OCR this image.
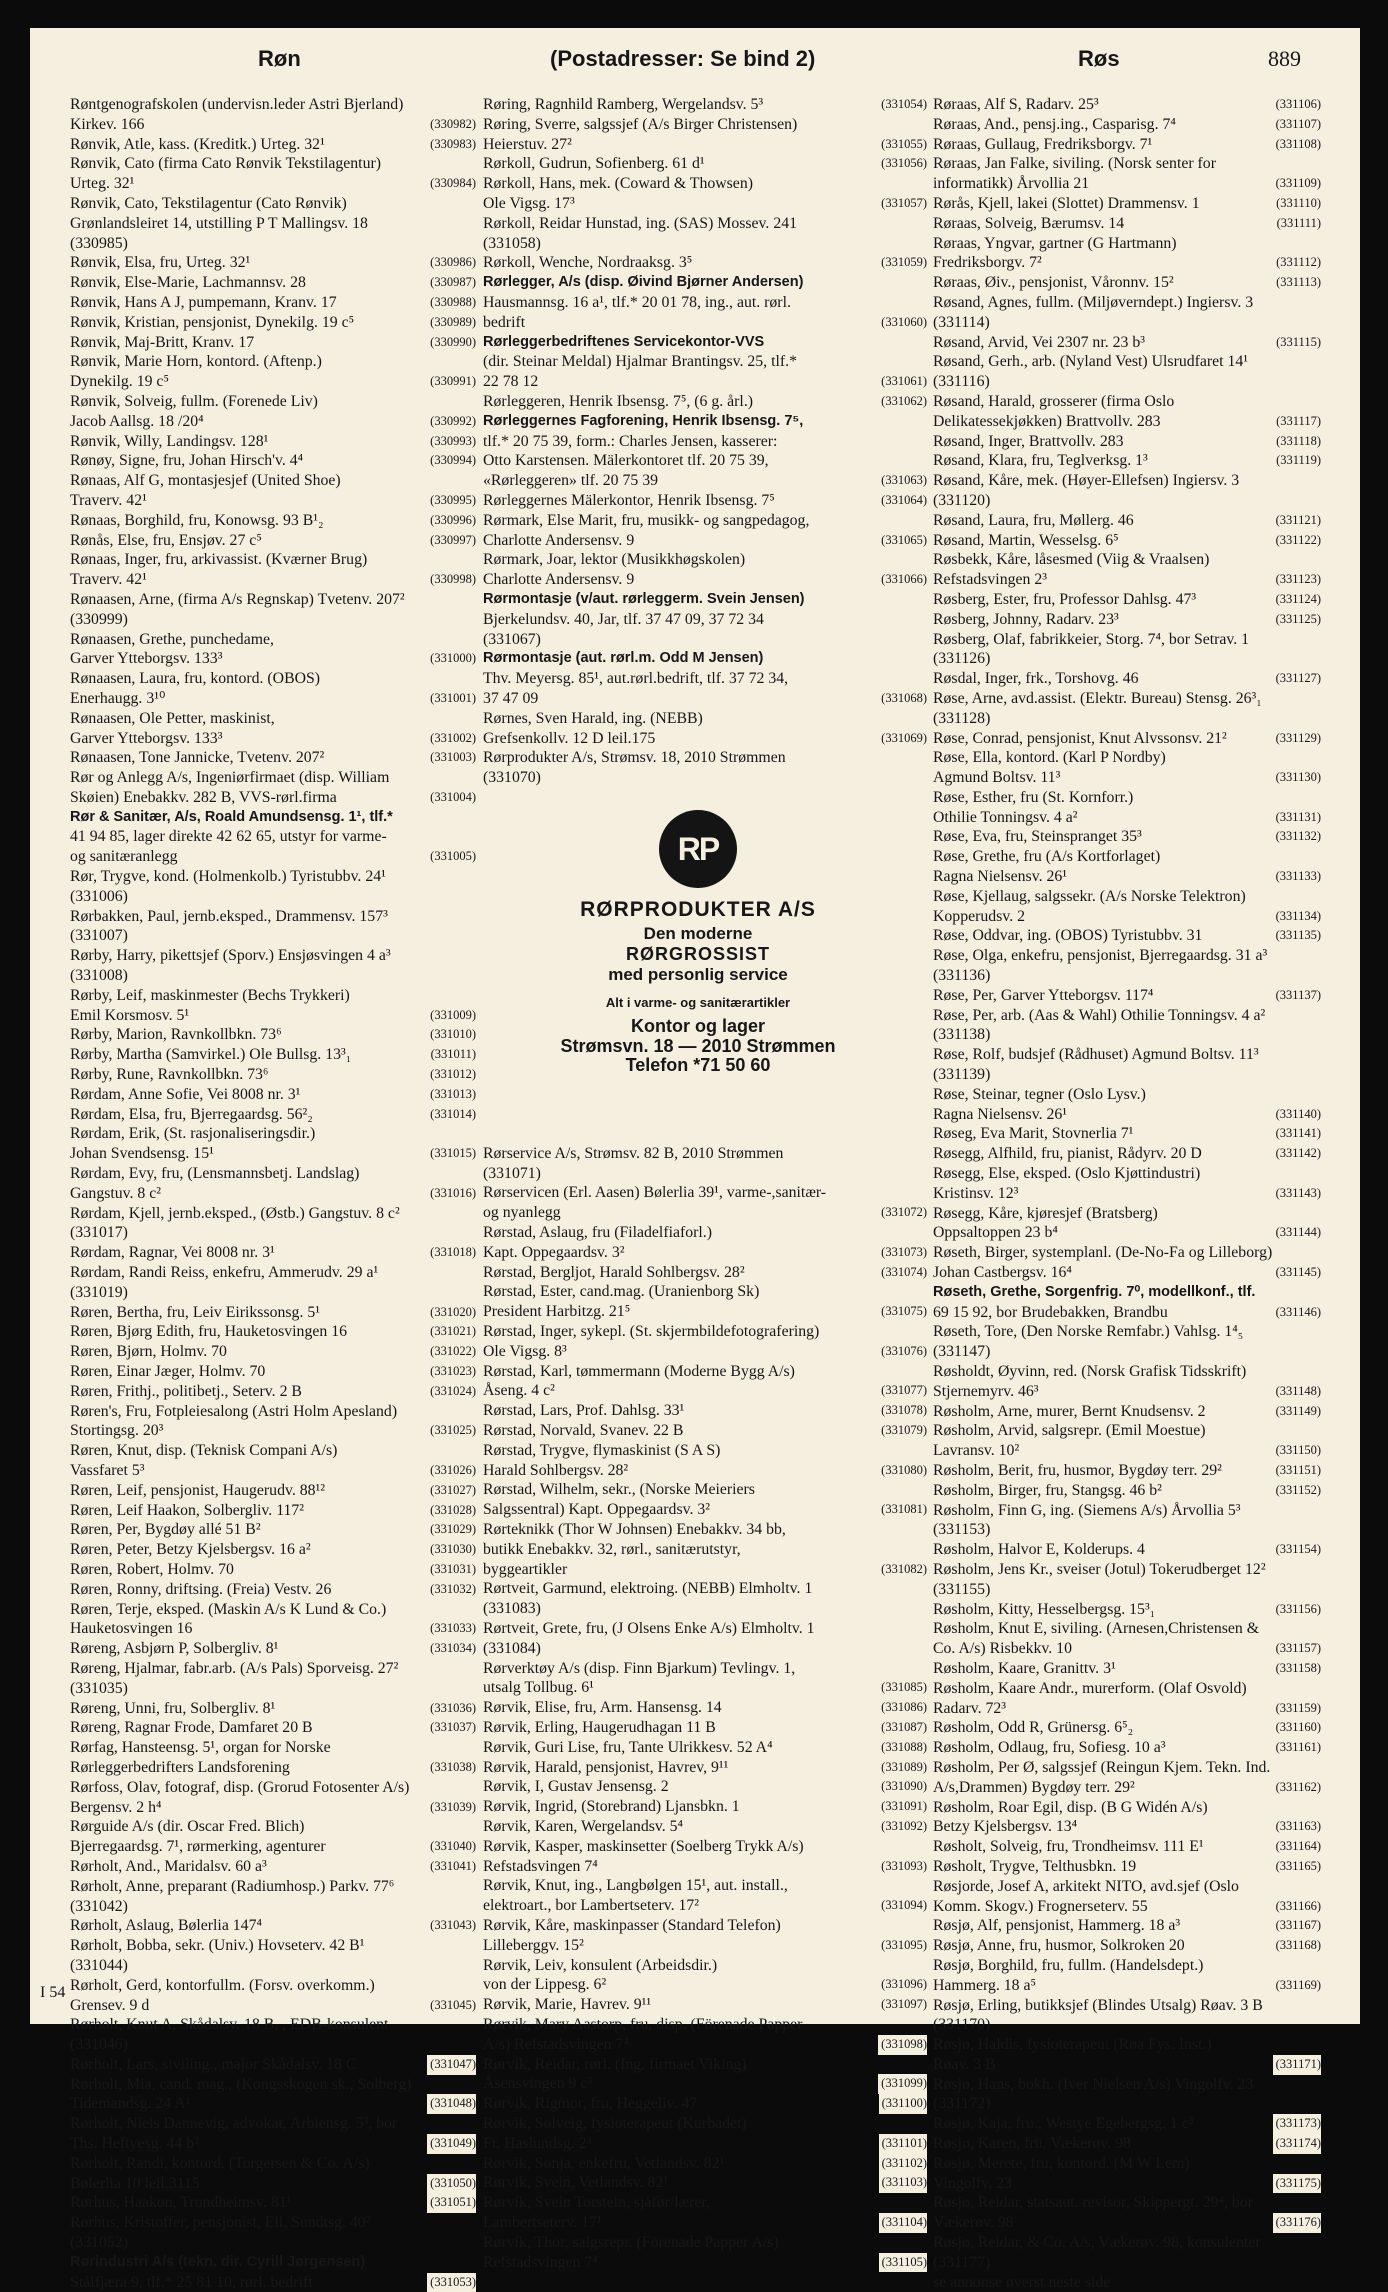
Røn	(Postadresser: Se bind 2)	Røs	889
Røntgenografskolen (undervisn.leder Astri Bjerland)
Kirkev. 166	(330982)
Rønvik, Atle, kass. (Kreditk.) Urteg. 32¹	(330983)
Rønvik, Cato (firma Cato Rønvik Tekstilagentur)
Urteg. 32¹	(330984)
Rønvik, Cato, Tekstilagentur (Cato Rønvik)
Grønlandsleiret 14, utstilling P T Mallingsv. 18
(330985)
Rønvik, Elsa, fru, Urteg. 32¹	(330986)
Rønvik, Else-Marie, Lachmannsv. 28	(330987)
Rønvik, Hans A J, pumpemann, Kranv. 17	(330988)
Rønvik, Kristian, pensjonist, Dynekilg. 19 c⁵	(330989)
Rønvik, Maj-Britt, Kranv. 17	(330990)
Rønvik, Marie Horn, kontord. (Aftenp.)
Dynekilg. 19 c⁵	(330991)
Rønvik, Solveig, fullm. (Forenede Liv)
Jacob Aallsg. 18 /20⁴	(330992)
Rønvik, Willy, Landingsv. 128¹	(330993)
Rønøy, Signe, fru, Johan Hirsch'v. 4⁴	(330994)
Rønaas, Alf G, montasjesjef (United Shoe)
Traverv. 42¹	(330995)
Rønaas, Borghild, fru, Konowsg. 93 B¹₂	(330996)
Rønås, Else, fru, Ensjøv. 27 c⁵	(330997)
Rønaas, Inger, fru, arkivassist. (Kværner Brug)
Traverv. 42¹	(330998)
Rønaasen, Arne, (firma A/s Regnskap) Tvetenv. 207²
(330999)
Rønaasen, Grethe, punchedame,
Garver Ytteborgsv. 133³	(331000)
Rønaasen, Laura, fru, kontord. (OBOS)
Enerhaugg. 3¹⁰	(331001)
Rønaasen, Ole Petter, maskinist,
Garver Ytteborgsv. 133³	(331002)
Rønaasen, Tone Jannicke, Tvetenv. 207²	(331003)
Rør og Anlegg A/s, Ingeniørfirmaet (disp. William
Skøien) Enebakkv. 282 B, VVS-rørl.firma	(331004)
Rør & Sanitær, A/s, Roald Amundsensg. 1¹, tlf.*
41 94 85, lager direkte 42 62 65, utstyr for varme-
og sanitæranlegg	(331005)
Rør, Trygve, kond. (Holmenkolb.) Tyristubbv. 24¹
(331006)
Rørbakken, Paul, jernb.eksped., Drammensv. 157³
(331007)
Rørby, Harry, pikettsjef (Sporv.) Ensjøsvingen 4 a³
(331008)
Rørby, Leif, maskinmester (Bechs Trykkeri)
Emil Korsmosv. 5¹	(331009)
Rørby, Marion, Ravnkollbkn. 73⁶	(331010)
Rørby, Martha (Samvirkel.) Ole Bullsg. 13³₁	(331011)
Rørby, Rune, Ravnkollbkn. 73⁶	(331012)
Rørdam, Anne Sofie, Vei 8008 nr. 3¹	(331013)
Rørdam, Elsa, fru, Bjerregaardsg. 56²₂	(331014)
Rørdam, Erik, (St. rasjonaliseringsdir.)
Johan Svendsensg. 15¹	(331015)
Rørdam, Evy, fru, (Lensmannsbetj. Landslag)
Gangstuv. 8 c²	(331016)
Rørdam, Kjell, jernb.eksped., (Østb.) Gangstuv. 8 c²
(331017)
Rørdam, Ragnar, Vei 8008 nr. 3¹	(331018)
Rørdam, Randi Reiss, enkefru, Ammerudv. 29 a¹
(331019)
Røren, Bertha, fru, Leiv Eirikssonsg. 5¹	(331020)
Røren, Bjørg Edith, fru, Hauketosvingen 16	(331021)
Røren, Bjørn, Holmv. 70	(331022)
Røren, Einar Jæger, Holmv. 70	(331023)
Røren, Frithj., politibetj., Seterv. 2 B	(331024)
Røren's, Fru, Fotpleiesalong (Astri Holm Apesland)
Stortingsg. 20³	(331025)
Røren, Knut, disp. (Teknisk Compani A/s)
Vassfaret 5³	(331026)
Røren, Leif, pensjonist, Haugerudv. 88¹²	(331027)
Røren, Leif Haakon, Solbergliv. 117²	(331028)
Røren, Per, Bygdøy allé 51 B²	(331029)
Røren, Peter, Betzy Kjelsbergsv. 16 a²	(331030)
Røren, Robert, Holmv. 70	(331031)
Røren, Ronny, driftsing. (Freia) Vestv. 26	(331032)
Røren, Terje, eksped. (Maskin A/s K Lund & Co.)
Hauketosvingen 16	(331033)
Røreng, Asbjørn P, Solbergliv. 8¹	(331034)
Røreng, Hjalmar, fabr.arb. (A/s Pals) Sporveisg. 27²
(331035)
Røreng, Unni, fru, Solbergliv. 8¹	(331036)
Røreng, Ragnar Frode, Damfaret 20 B	(331037)
Rørfag, Hansteensg. 5¹, organ for Norske
Rørleggerbedrifters Landsforening	(331038)
Rørfoss, Olav, fotograf, disp. (Grorud Fotosenter A/s)
Bergensv. 2 h⁴	(331039)
Rørguide A/s (dir. Oscar Fred. Blich)
Bjerregaardsg. 7¹, rørmerking, agenturer	(331040)
Rørholt, And., Maridalsv. 60 a³	(331041)
Rørholt, Anne, preparant (Radiumhosp.) Parkv. 77⁶
(331042)
Rørholt, Aslaug, Bølerlia 147⁴	(331043)
Rørholt, Bobba, sekr. (Univ.) Hovseterv. 42 B¹
(331044)
Rørholt, Gerd, kontorfullm. (Forsv. overkomm.)
Grensev. 9 d	(331045)
Rørholt, Knut A, Skådalsv. 18 B, , EDB-konsulent
(331046)
Rørholt, Lars, siviling., major Skådalsv. 18 C	(331047)
Rørholt, Mia, cand. mag., (Kongsskogen sk., Solberg)
Tidemandsg. 24 A¹	(331048)
Rørholt, Niels Dannevig, advokat, Arbiensg. 5³, bor
Ths. Heftyesg. 44 b²	(331049)
Rørholt, Randi, kontord. (Torgersen & Co. A/s)
Bølerlia 10 leil.3115	(331050)
Rørhus, Haakon, Trondheimsv. 81¹	(331051)
Rørhus, Kristoffer, pensjonist, Eil. Sundtsg. 40²
(331052)
Rørindustri A/s (tekn. dir. Cyrill Jørgensen)
Stålfjæra 9, tlf.* 25 81 10, rørl. bedrift	(331053)
Røring, Ragnhild Ramberg, Wergelandsv. 5³	(331054)
Røring, Sverre, salgssjef (A/s Birger Christensen)
Heierstuv. 27²	(331055)
Rørkoll, Gudrun, Sofienberg. 61 d¹	(331056)
Rørkoll, Hans, mek. (Coward & Thowsen)
Ole Vigsg. 17³	(331057)
Rørkoll, Reidar Hunstad, ing. (SAS) Mossev. 241
(331058)
Rørkoll, Wenche, Nordraaksg. 3⁵	(331059)
Rørlegger, A/s (disp. Øivind Bjørner Andersen)
Hausmannsg. 16 a¹, tlf.* 20 01 78, ing., aut. rørl.
bedrift	(331060)
Rørleggerbedriftenes Servicekontor-VVS
(dir. Steinar Meldal) Hjalmar Brantingsv. 25, tlf.*
22 78 12	(331061)
Rørleggeren, Henrik Ibsensg. 7⁵, (6 g. årl.)	(331062)
Rørleggernes Fagforening, Henrik Ibsensg. 7⁵,
tlf.* 20 75 39, form.: Charles Jensen, kasserer:
Otto Karstensen. Mälerkontoret tlf. 20 75 39,
«Rørleggeren» tlf. 20 75 39	(331063)
Rørleggernes Mälerkontor, Henrik Ibsensg. 7⁵	(331064)
Rørmark, Else Marit, fru, musikk- og sangpedagog,
Charlotte Andersensv. 9	(331065)
Rørmark, Joar, lektor (Musikkhøgskolen)
Charlotte Andersensv. 9	(331066)
Rørmontasje (v/aut. rørleggerm. Svein Jensen)
Bjerkelundsv. 40, Jar, tlf. 37 47 09, 37 72 34
(331067)
Rørmontasje (aut. rørl.m. Odd M Jensen)
Thv. Meyersg. 85¹, aut.rørl.bedrift, tlf. 37 72 34,
37 47 09	(331068)
Rørnes, Sven Harald, ing. (NEBB)
Grefsenkollv. 12 D leil.175	(331069)
Rørprodukter A/s, Strømsv. 18, 2010 Strømmen
(331070)
RP
RØRPRODUKTER A/S
Den moderne
RØRGROSSIST
med personlig service
Alt i varme- og sanitærartikler
Kontor og lager
Strømsvn. 18 — 2010 Strømmen
Telefon *71 50 60
Rørservice A/s, Strømsv. 82 B, 2010 Strømmen
(331071)
Rørservicen (Erl. Aasen) Bølerlia 39¹, varme-,sanitær-
og nyanlegg	(331072)
Rørstad, Aslaug, fru (Filadelfiaforl.)
Kapt. Oppegaardsv. 3²	(331073)
Rørstad, Bergljot, Harald Sohlbergsv. 28²	(331074)
Rørstad, Ester, cand.mag. (Uranienborg Sk)
President Harbitzg. 21⁵	(331075)
Rørstad, Inger, sykepl. (St. skjermbildefotografering)
Ole Vigsg. 8³	(331076)
Rørstad, Karl, tømmermann (Moderne Bygg A/s)
Åseng. 4 c²	(331077)
Rørstad, Lars, Prof. Dahlsg. 33¹	(331078)
Rørstad, Norvald, Svanev. 22 B	(331079)
Rørstad, Trygve, flymaskinist (S A S)
Harald Sohlbergsv. 28²	(331080)
Rørstad, Wilhelm, sekr., (Norske Meieriers
Salgssentral) Kapt. Oppegaardsv. 3²	(331081)
Rørteknikk (Thor W Johnsen) Enebakkv. 34 bb,
butikk Enebakkv. 32, rørl., sanitærutstyr,
byggeartikler	(331082)
Rørtveit, Garmund, elektroing. (NEBB) Elmholtv. 1
(331083)
Rørtveit, Grete, fru, (J Olsens Enke A/s) Elmholtv. 1
(331084)
Rørverktøy A/s (disp. Finn Bjarkum) Tevlingv. 1,
utsalg Tollbug. 6¹	(331085)
Rørvik, Elise, fru, Arm. Hansensg. 14	(331086)
Rørvik, Erling, Haugerudhagan 11 B	(331087)
Rørvik, Guri Lise, fru, Tante Ulrikkesv. 52 A⁴	(331088)
Rørvik, Harald, pensjonist, Havrev, 9¹¹	(331089)
Rørvik, I, Gustav Jensensg. 2	(331090)
Rørvik, Ingrid, (Storebrand) Ljansbkn. 1	(331091)
Rørvik, Karen, Wergelandsv. 5⁴	(331092)
Rørvik, Kasper, maskinsetter (Soelberg Trykk A/s)
Refstadsvingen 7⁴	(331093)
Rørvik, Knut, ing., Langbølgen 15¹, aut. install.,
elektroart., bor Lambertseterv. 17²	(331094)
Rørvik, Kåre, maskinpasser (Standard Telefon)
Lilleberggv. 15²	(331095)
Rørvik, Leiv, konsulent (Arbeidsdir.)
von der Lippesg. 6²	(331096)
Rørvik, Marie, Havrev. 9¹¹	(331097)
Rørvik, Mary Aastorp, fru, disp. (Förenade Papper
A/s) Refstadsvingen 7⁴	(331098)
Rørvik, Reidar, rørl. (Ing. firmaet Viking)
Åsensvingen 9 c³	(331099)
Rørvik, Rigmor, fru, Heggeliv. 47	(331100)
Rørvik, Solveig, fysioterapeut (Kurbadet)
Fr. Haslundsg. 2³	(331101)
Rørvik, Sonja, enkefru, Vetlandsv. 82¹	(331102)
Rørvik, Svein, Vetlandsv. 82¹	(331103)
Rørvik, Svein Torstein, sjåfør/lærer,
Lambertseterv. 17¹	(331104)
Rørvik, Thor, salgsrepr. (Förenade Papper A/s)
Refstadsvingen 7⁴	(331105)
Røraas, Alf S, Radarv. 25³	(331106)
Røraas, And., pensj.ing., Casparisg. 7⁴	(331107)
Røraas, Gullaug, Fredriksborgv. 7¹	(331108)
Røraas, Jan Falke, siviling. (Norsk senter for
informatikk) Årvollia 21	(331109)
Rørås, Kjell, lakei (Slottet) Drammensv. 1	(331110)
Røraas, Solveig, Bærumsv. 14	(331111)
Røraas, Yngvar, gartner (G Hartmann)
Fredriksborgv. 7²	(331112)
Røraas, Øiv., pensjonist, Våronnv. 15²	(331113)
Røsand, Agnes, fullm. (Miljøverndept.) Ingiersv. 3
(331114)
Røsand, Arvid, Vei 2307 nr. 23 b³	(331115)
Røsand, Gerh., arb. (Nyland Vest) Ulsrudfaret 14¹
(331116)
Røsand, Harald, grosserer (firma Oslo
Delikatessekjøkken) Brattvollv. 283	(331117)
Røsand, Inger, Brattvollv. 283	(331118)
Røsand, Klara, fru, Teglverksg. 1³	(331119)
Røsand, Kåre, mek. (Høyer-Ellefsen) Ingiersv. 3
(331120)
Røsand, Laura, fru, Møllerg. 46	(331121)
Røsand, Martin, Wesselsg. 6⁵	(331122)
Røsbekk, Kåre, låsesmed (Viig & Vraalsen)
Refstadsvingen 2³	(331123)
Røsberg, Ester, fru, Professor Dahlsg. 47³	(331124)
Røsberg, Johnny, Radarv. 23³	(331125)
Røsberg, Olaf, fabrikkeier, Storg. 7⁴, bor Setrav. 1
(331126)
Røsdal, Inger, frk., Torshovg. 46	(331127)
Røse, Arne, avd.assist. (Elektr. Bureau) Stensg. 26³₁
(331128)
Røse, Conrad, pensjonist, Knut Alvssonsv. 21²	(331129)
Røse, Ella, kontord. (Karl P Nordby)
Agmund Boltsv. 11³	(331130)
Røse, Esther, fru (St. Kornforr.)
Othilie Tonningsv. 4 a²	(331131)
Røse, Eva, fru, Steinspranget 35³	(331132)
Røse, Grethe, fru (A/s Kortforlaget)
Ragna Nielsensv. 26¹	(331133)
Røse, Kjellaug, salgssekr. (A/s Norske Telektron)
Kopperudsv. 2	(331134)
Røse, Oddvar, ing. (OBOS) Tyristubbv. 31	(331135)
Røse, Olga, enkefru, pensjonist, Bjerregaardsg. 31 a³
(331136)
Røse, Per, Garver Ytteborgsv. 117⁴	(331137)
Røse, Per, arb. (Aas & Wahl) Othilie Tonningsv. 4 a²
(331138)
Røse, Rolf, budsjef (Rådhuset) Agmund Boltsv. 11³
(331139)
Røse, Steinar, tegner (Oslo Lysv.)
Ragna Nielsensv. 26¹	(331140)
Røseg, Eva Marit, Stovnerlia 7¹	(331141)
Røsegg, Alfhild, fru, pianist, Rådyrv. 20 D	(331142)
Røsegg, Else, eksped. (Oslo Kjøttindustri)
Kristinsv. 12³	(331143)
Røsegg, Kåre, kjøresjef (Bratsberg)
Oppsaltoppen 23 b⁴	(331144)
Røseth, Birger, systemplanl. (De-No-Fa og Lilleborg)
Johan Castbergsv. 16⁴	(331145)
Røseth, Grethe, Sorgenfrig. 7⁰, modellkonf., tlf.
69 15 92, bor Brudebakken, Brandbu	(331146)
Røseth, Tore, (Den Norske Remfabr.) Vahlsg. 1⁴₅
(331147)
Røsholdt, Øyvinn, red. (Norsk Grafisk Tidsskrift)
Stjernemyrv. 46³	(331148)
Røsholm, Arne, murer, Bernt Knudsensv. 2	(331149)
Røsholm, Arvid, salgsrepr. (Emil Moestue)
Lavransv. 10²	(331150)
Røsholm, Berit, fru, husmor, Bygdøy terr. 29²	(331151)
Røsholm, Birger, fru, Stangsg. 46 b²	(331152)
Røsholm, Finn G, ing. (Siemens A/s) Årvollia 5³
(331153)
Røsholm, Halvor E, Kolderups. 4	(331154)
Røsholm, Jens Kr., sveiser (Jotul) Tokerudberget 12²
(331155)
Røsholm, Kitty, Hesselbergsg. 15³₁	(331156)
Røsholm, Knut E, siviling. (Arnesen,Christensen &
Co. A/s) Risbekkv. 10	(331157)
Røsholm, Kaare, Granittv. 3¹	(331158)
Røsholm, Kaare Andr., murerform. (Olaf Osvold)
Radarv. 72³	(331159)
Røsholm, Odd R, Grünersg. 6⁵₂	(331160)
Røsholm, Odlaug, fru, Sofiesg. 10 a³	(331161)
Røsholm, Per Ø, salgssjef (Reingun Kjem. Tekn. Ind.
A/s,Drammen) Bygdøy terr. 29²	(331162)
Røsholm, Roar Egil, disp. (B G Widén A/s)
Betzy Kjelsbergsv. 13⁴	(331163)
Røsholt, Solveig, fru, Trondheimsv. 111 E¹	(331164)
Røsholt, Trygve, Telthusbkn. 19	(331165)
Røsjorde, Josef A, arkitekt NITO, avd.sjef (Oslo
Komm. Skogv.) Frognerseterv. 55	(331166)
Røsjø, Alf, pensjonist, Hammerg. 18 a³	(331167)
Røsjø, Anne, fru, husmor, Solkroken 20	(331168)
Røsjø, Borghild, fru, fullm. (Handelsdept.)
Hammerg. 18 a⁵	(331169)
Røsjø, Erling, butikksjef (Blindes Utsalg) Røav. 3 B
(331170)
Røsjø, Haldis, fysioterapeut (Røa Fys. Inst.)
Røav. 3 B	(331171)
Røsjø, Hans, bokh. (Iver Nielsen A/s) Vingolfv. 23
(331172)
Røsjø, Kaja, fru., Westye Egebergsg. 1 c³	(331173)
Røsjø, Karen, fru, Vækerøv. 98	(331174)
Røsjø, Merete, fru, kontord. (M W Lem)
Vingolfv. 23	(331175)
Røsjø, Reidar, statsaut. revisor, Skippergt. 29⁴, bor
Vækerøv. 98	(331176)
Røsjø, Reidar, & Co. A/s, Vækerøv. 98, konsulenter
(331177)
se annonse øverst neste side
I 54
